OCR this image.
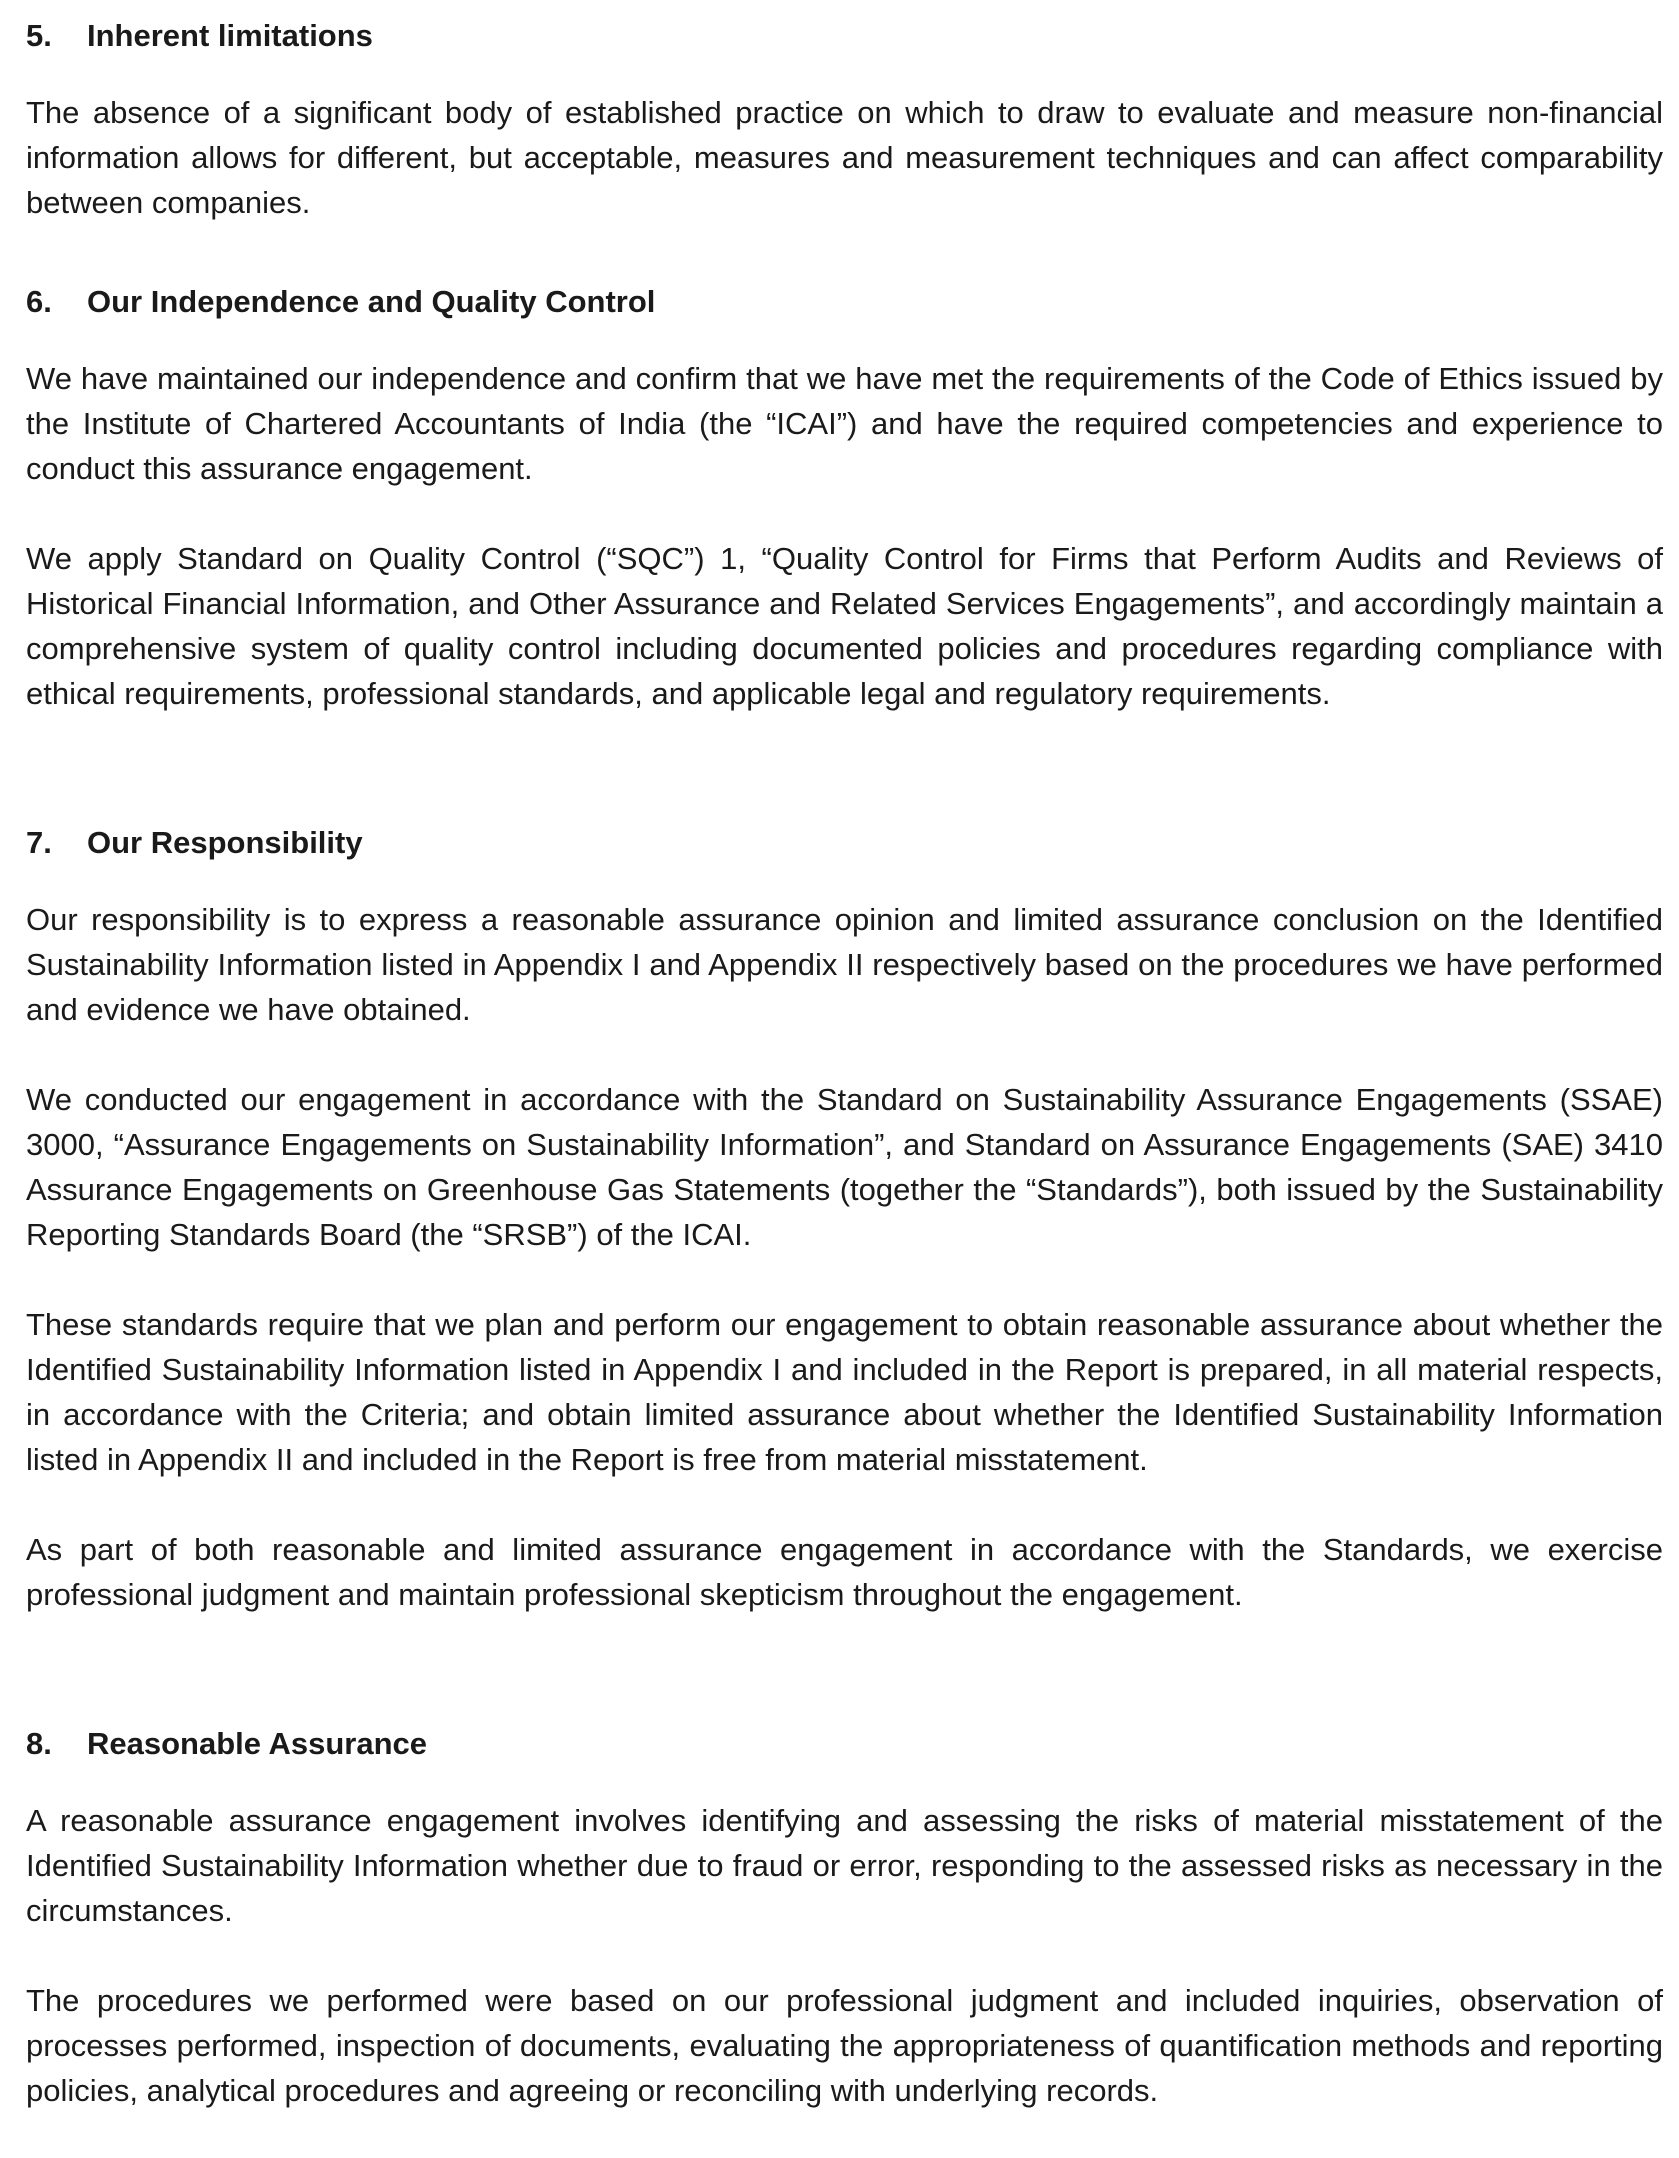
5. Inherent limitations

The absence of a significant body of established practice on which to draw to evaluate and measure non-financial information allows for different, but acceptable, measures and measurement techniques and can affect comparability between companies.

6. Our Independence and Quality Control

We have maintained our independence and confirm that we have met the requirements of the Code of Ethics issued by the Institute of Chartered Accountants of India (the “ICAI”) and have the required competencies and experience to conduct this assurance engagement.

We apply Standard on Quality Control (“SQC”) 1, “Quality Control for Firms that Perform Audits and Reviews of Historical Financial Information, and Other Assurance and Related Services Engagements”, and accordingly maintain a comprehensive system of quality control including documented policies and procedures regarding compliance with ethical requirements, professional standards, and applicable legal and regulatory requirements.

7. Our Responsibility

Our responsibility is to express a reasonable assurance opinion and limited assurance conclusion on the Identified Sustainability Information listed in Appendix I and Appendix II respectively based on the procedures we have performed and evidence we have obtained.

We conducted our engagement in accordance with the Standard on Sustainability Assurance Engagements (SSAE) 3000, “Assurance Engagements on Sustainability Information”, and Standard on Assurance Engagements (SAE) 3410 Assurance Engagements on Greenhouse Gas Statements (together the “Standards”), both issued by the Sustainability Reporting Standards Board (the “SRSB”) of the ICAI.

These standards require that we plan and perform our engagement to obtain reasonable assurance about whether the Identified Sustainability Information listed in Appendix I and included in the Report is prepared, in all material respects, in accordance with the Criteria; and obtain limited assurance about whether the Identified Sustainability Information listed in Appendix II and included in the Report is free from material misstatement.

As part of both reasonable and limited assurance engagement in accordance with the Standards, we exercise professional judgment and maintain professional skepticism throughout the engagement.

8. Reasonable Assurance

A reasonable assurance engagement involves identifying and assessing the risks of material misstatement of the Identified Sustainability Information whether due to fraud or error, responding to the assessed risks as necessary in the circumstances.

The procedures we performed were based on our professional judgment and included inquiries, observation of processes performed, inspection of documents, evaluating the appropriateness of quantification methods and reporting policies, analytical procedures and agreeing or reconciling with underlying records.
